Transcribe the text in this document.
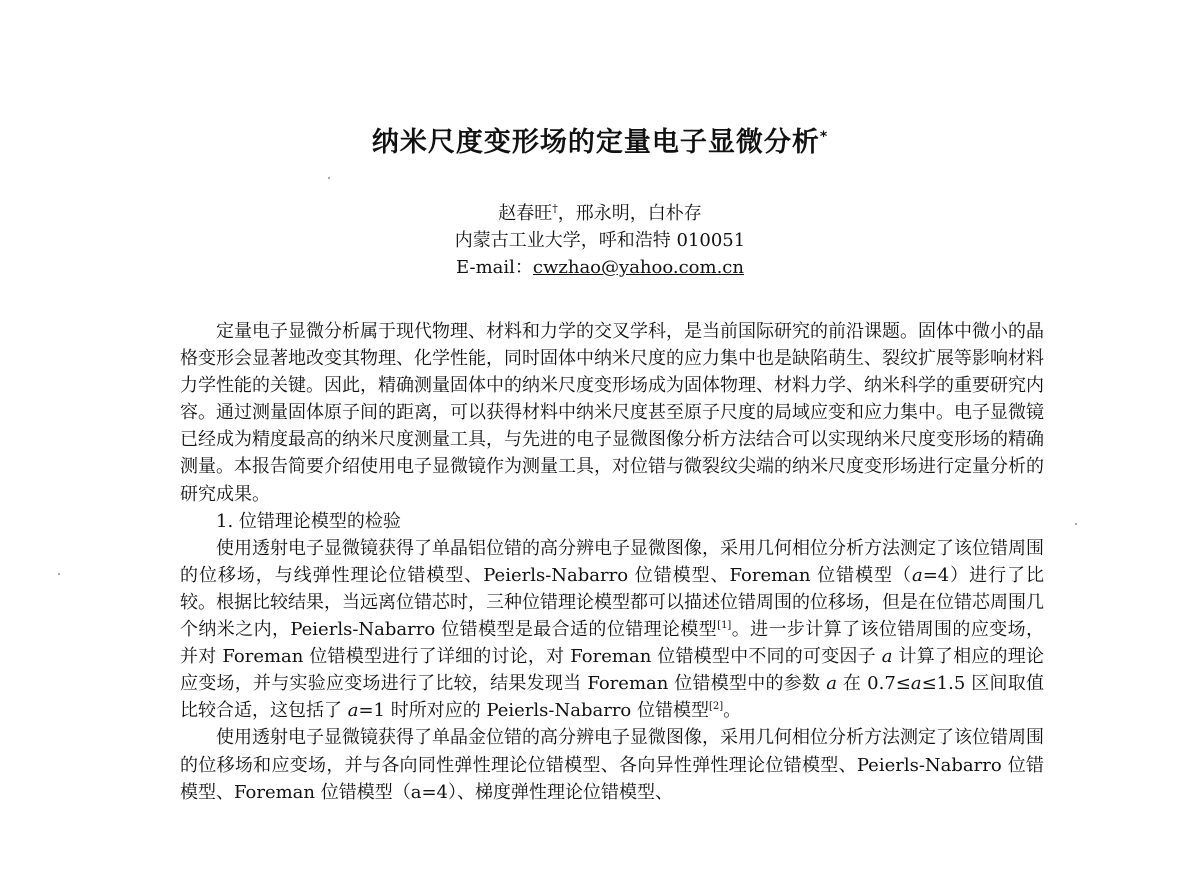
纳米尺度变形场的定量电子显微分析*
赵春旺†，邢永明，白朴存
内蒙古工业大学，呼和浩特 010051
E-mail：cwzhao@yahoo.com.cn

定量电子显微分析属于现代物理、材料和力学的交叉学科，是当前国际研究的前沿课题。固体中微小的晶格变形会显著地改变其物理、化学性能，同时固体中纳米尺度的应力集中也是缺陷萌生、裂纹扩展等影响材料力学性能的关键。因此，精确测量固体中的纳米尺度变形场成为固体物理、材料力学、纳米科学的重要研究内容。通过测量固体原子间的距离，可以获得材料中纳米尺度甚至原子尺度的局域应变和应力集中。电子显微镜已经成为精度最高的纳米尺度测量工具，与先进的电子显微图像分析方法结合可以实现纳米尺度变形场的精确测量。本报告简要介绍使用电子显微镜作为测量工具，对位错与微裂纹尖端的纳米尺度变形场进行定量分析的研究成果。

1. 位错理论模型的检验

使用透射电子显微镜获得了单晶铝位错的高分辨电子显微图像，采用几何相位分析方法测定了该位错周围的位移场，与线弹性理论位错模型、Peierls-Nabarro 位错模型、Foreman 位错模型（a=4）进行了比较。根据比较结果，当远离位错芯时，三种位错理论模型都可以描述位错周围的位移场，但是在位错芯周围几个纳米之内，Peierls-Nabarro 位错模型是最合适的位错理论模型[1]。进一步计算了该位错周围的应变场，并对 Foreman 位错模型进行了详细的讨论，对 Foreman 位错模型中不同的可变因子 a 计算了相应的理论应变场，并与实验应变场进行了比较，结果发现当 Foreman 位错模型中的参数 a 在 0.7≤a≤1.5 区间取值比较合适，这包括了 a=1 时所对应的 Peierls-Nabarro 位错模型[2]。

使用透射电子显微镜获得了单晶金位错的高分辨电子显微图像，采用几何相位分析方法测定了该位错周围的位移场和应变场，并与各向同性弹性理论位错模型、各向异性弹性理论位错模型、Peierls-Nabarro 位错模型、Foreman 位错模型（a=4）、梯度弹性理论位错模型、
